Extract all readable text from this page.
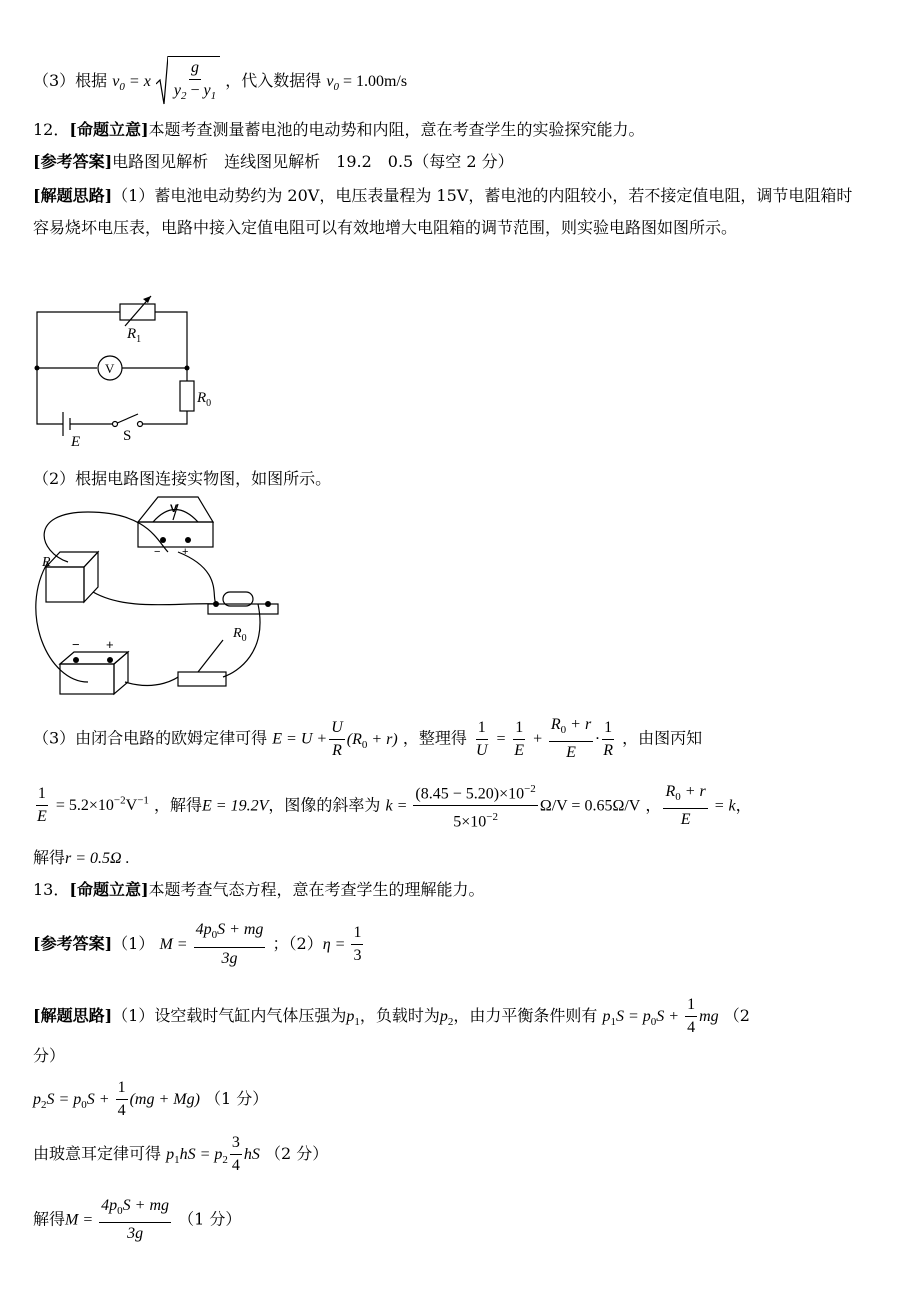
（3）根据 $v_0 = x \frac{g}{y_2 - y_1}$ ，代入数据得 $v_0 = 1.00m/s$
12．[命题立意]本题考查测量蓄电池的电动势和内阻，意在考查学生的实验探究能力。
[参考答案]电路图见解析　连线图见解析　19.2　0.5（每空 2 分）
[解题思路]（1）蓄电池电动势约为 20V，电压表量程为 15V，蓄电池的内阻较小，若不接定值电阻，调节电阻箱时容易烧坏电压表，电路中接入定值电阻可以有效地增大电阻箱的调节范围，则实验电路图如图所示。
V
$R_1$
$R_0$
E	S
（2）根据电路图连接实物图，如图所示。
V
R
$R_0$
− +
− +
（3）由闭合电路的欧姆定律可得 $E = U + \frac{U}{R} (R_0 + r)$ ，整理得 $\frac{1}{U} = \frac{1}{E} + \frac{R_0 + r}{E} \cdot \frac{1}{R}$ ，由图丙知
$\frac{1}{E} = 5.2\times 10^{-2}V^{-1}$ ，解得E = 19.2V，图像的斜率为 $k = \frac{(8.45 - 5.20)\times 10^{-2}}{5\times 10^{-2}} \Omega/V = 0.65\Omega/V$ ， $\frac{R_0 + r}{E} = k$，
解得r = 0.5Ω .
13．[命题立意]本题考查气态方程，意在考查学生的理解能力。
[参考答案]（1） $M = \frac{4p_0S + mg}{3g}$ ；$(2)\eta = \frac{1}{3}$
[解题思路]（1）设空载时气缸内气体压强为$p_1$，负载时为$p_2$，由力平衡条件则有 $p_1S = p_0S + \frac{1}{4}$ mg （2
分）
$p_2S = p_0S + \frac{1}{4} (mg + Mg)$ （1 分）
由玻意耳定律可得 $p_1hS = p_2 \frac{3}{4}$ hS （2 分）
解得$M = \frac{4p_0S + mg}{3g} (1$ 分）
